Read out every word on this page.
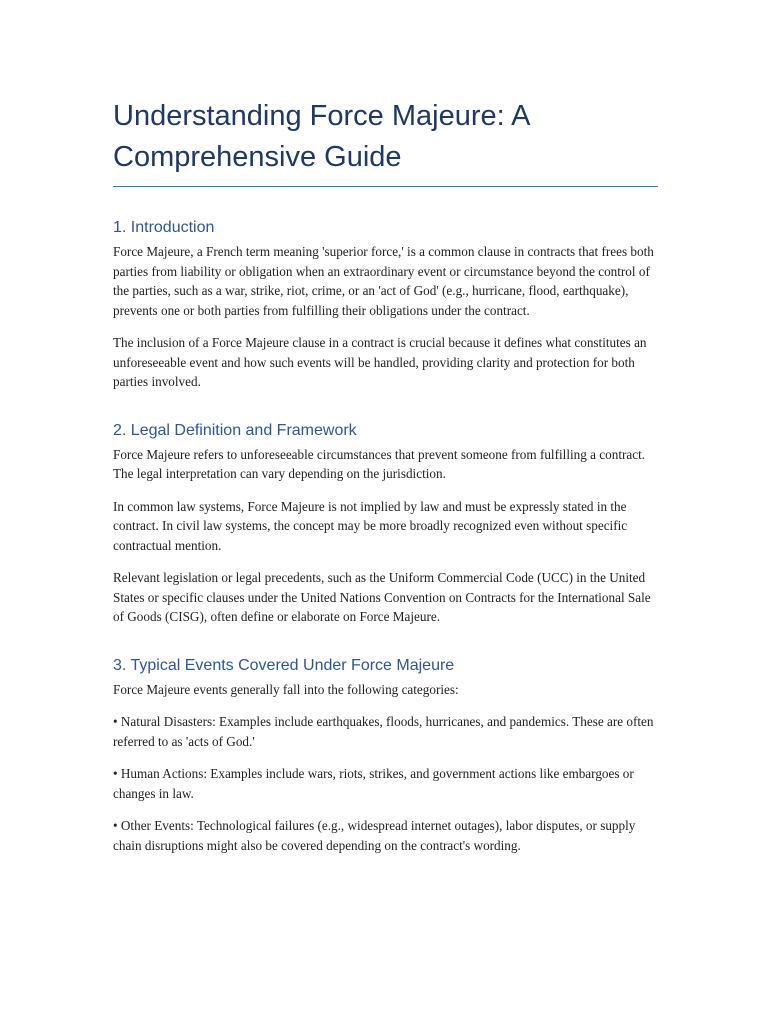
Understanding Force Majeure: A Comprehensive Guide
1. Introduction

Force Majeure, a French term meaning 'superior force,' is a common clause in contracts that frees both parties from liability or obligation when an extraordinary event or circumstance beyond the control of the parties, such as a war, strike, riot, crime, or an 'act of God' (e.g., hurricane, flood, earthquake), prevents one or both parties from fulfilling their obligations under the contract.

The inclusion of a Force Majeure clause in a contract is crucial because it defines what constitutes an unforeseeable event and how such events will be handled, providing clarity and protection for both parties involved.

2. Legal Definition and Framework

Force Majeure refers to unforeseeable circumstances that prevent someone from fulfilling a contract. The legal interpretation can vary depending on the jurisdiction.

In common law systems, Force Majeure is not implied by law and must be expressly stated in the contract. In civil law systems, the concept may be more broadly recognized even without specific contractual mention.

Relevant legislation or legal precedents, such as the Uniform Commercial Code (UCC) in the United States or specific clauses under the United Nations Convention on Contracts for the International Sale of Goods (CISG), often define or elaborate on Force Majeure.

3. Typical Events Covered Under Force Majeure

Force Majeure events generally fall into the following categories:

• Natural Disasters: Examples include earthquakes, floods, hurricanes, and pandemics. These are often referred to as 'acts of God.'

• Human Actions: Examples include wars, riots, strikes, and government actions like embargoes or changes in law.

• Other Events: Technological failures (e.g., widespread internet outages), labor disputes, or supply chain disruptions might also be covered depending on the contract's wording.
